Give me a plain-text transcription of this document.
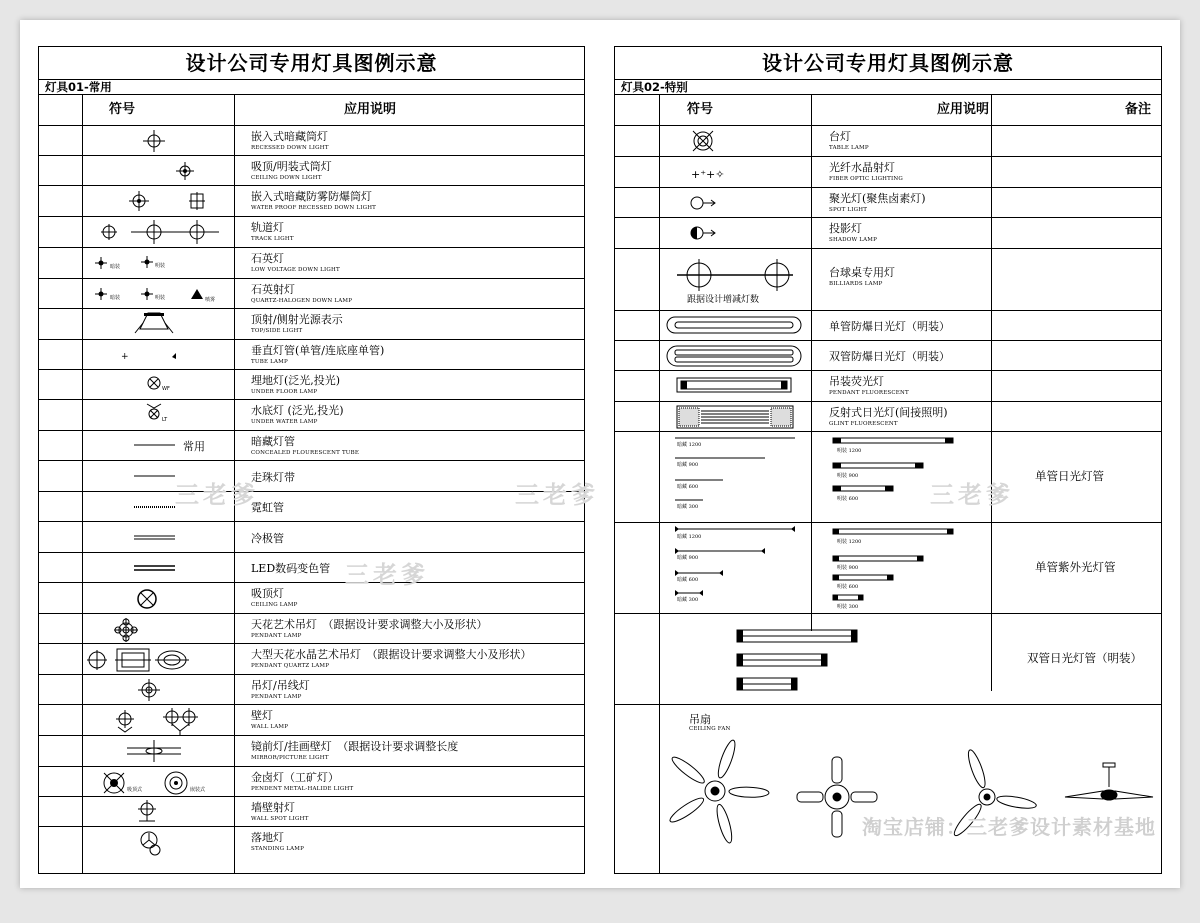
设计公司专用灯具图例示意
灯具01-常用
符号	应用说明
嵌入式暗藏筒灯
RECESSED DOWN LIGHT
吸顶/明装式筒灯
CEILING DOWN LIGHT
嵌入式暗藏防雾防爆筒灯
WATER PROOF RECESSED DOWN LIGHT
轨道灯
TRACK LIGHT
暗装	明装
石英灯
LOW VOLTAGE DOWN LIGHT
暗装	明装	喷雾
石英射灯
QUARTZ-HALOGEN DOWN LAMP
顶射/侧射光源表示
TOP/SIDE LIGHT
+	垂直灯管(单管/连底座单管)
TUBE LAMP
WF
埋地灯(泛光,投光)
UNDER FLOOR LAMP
LT
水底灯 (泛光,投光)
UNDER WATER LAMP
常用	暗藏灯管
CONCEALED FLOURESCENT TUBE
走珠灯带
霓虹管
冷极管
LED数码变色管
吸顶灯
CEILING LAMP
天花艺术吊灯　（跟据设计要求调整大小及形状）
PENDANT LAMP
大型天花水晶艺术吊灯　（跟据设计要求调整大小及形状）
PENDANT QUARTZ LAMP
吊灯/吊线灯
PENDANT LAMP
壁灯
WALL LAMP
镜前灯/挂画壁灯　（跟据设计要求调整长度
MIRROR/PICTURE LIGHT
吸顶式	嵌装式
金卤灯（工矿灯）
PENDENT METAL-HALIDE LIGHT
墙壁射灯
WALL SPOT LIGHT
落地灯
STANDING LAMP
设计公司专用灯具图例示意
灯具02-特别
符号	应用说明	备注
台灯
TABLE LAMP
+⁺+✧
光纤水晶射灯
FIBER OPTIC LIGHTING
聚光灯(聚焦卤素灯)
SPOT LIGHT
投影灯
SHADOW LAMP
跟据设计增减灯数
台球桌专用灯
BILLIARDS LAMP
单管防爆日光灯（明装）
双管防爆日光灯（明装）
吊装荧光灯
PENDANT FLUORESCENT
反射式日光灯(间接照明)
GLINT FLUORESCENT
暗藏 1200
暗藏 900
暗藏 600
暗藏 300
明装 1200
明装 900
明装 600
单管日光灯管
暗藏 1200
暗藏 900
暗藏 600
暗藏 300
明装 1200
明装 900
明装 600
明装 300
单管紫外光灯管
双管日光灯管（明装）
吊扇
CEILING FAN
三老爹	三老爹	三老爹
三老爹
淘宝店铺：三老爹设计素材基地
